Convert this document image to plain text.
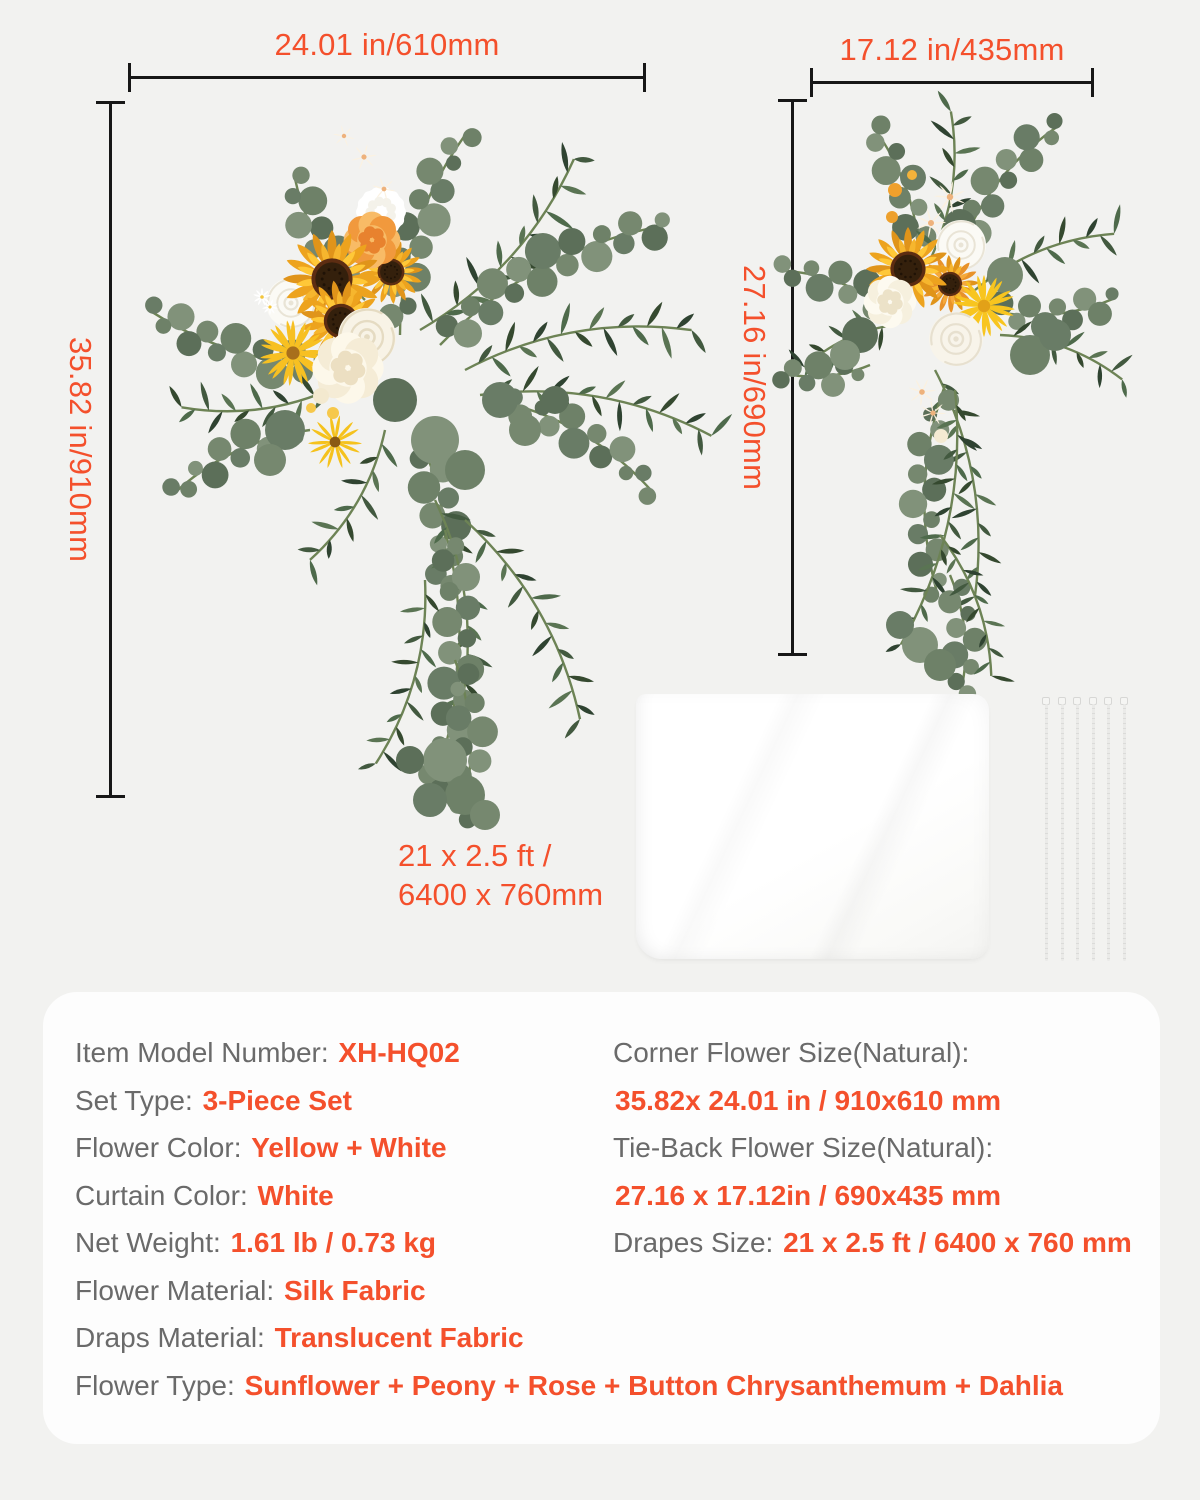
24.01 in/610mm
35.82 in/910mm
17.12 in/435mm
27.16 in/690mm
21 x 2.5 ft /
6400 x 760mm
Item Model Number: XH-HQ02
Set Type: 3-Piece Set
Flower Color: Yellow + White
Curtain Color: White
Net Weight: 1.61 lb / 0.73 kg
Flower Material: Silk Fabric
Draps Material: Translucent Fabric
Flower Type: Sunflower + Peony + Rose + Button Chrysanthemum + Dahlia
Corner Flower Size(Natural):
35.82x 24.01 in / 910x610 mm
Tie-Back Flower Size(Natural):
27.16 x 17.12in / 690x435 mm
Drapes Size: 21 x 2.5 ft / 6400 x 760 mm
